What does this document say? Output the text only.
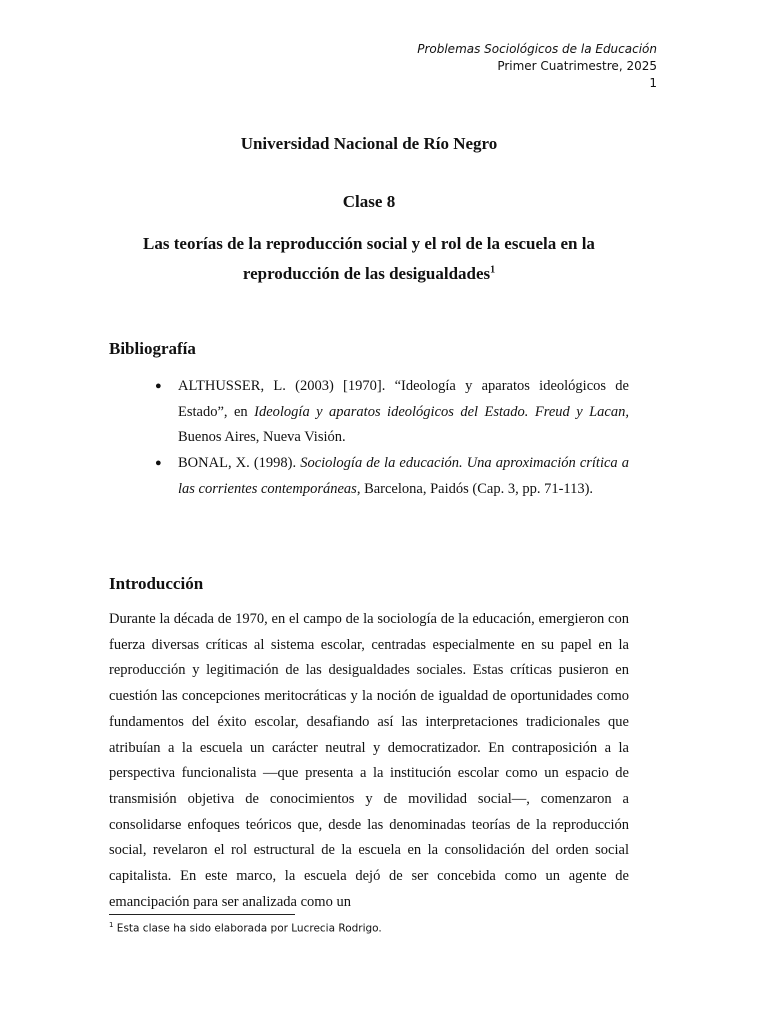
Problemas Sociológicos de la Educación
Primer Cuatrimestre, 2025
1
Universidad Nacional de Río Negro
Clase 8
Las teorías de la reproducción social y el rol de la escuela en la
reproducción de las desigualdades$^1$
Bibliografía
● ALTHUSSER, L. (2003) [1970]. “Ideología y aparatos ideológicos de Estado”, en Ideología y aparatos ideológicos del Estado. Freud y Lacan, Buenos Aires, Nueva Visión.
● BONAL, X. (1998). Sociología de la educación. Una aproximación crítica a las corrientes contemporáneas, Barcelona, Paidós (Cap. 3, pp. 71-113).
Introducción

Durante la década de 1970, en el campo de la sociología de la educación, emergieron con fuerza diversas críticas al sistema escolar, centradas especialmente en su papel en la reproducción y legitimación de las desigualdades sociales. Estas críticas pusieron en cuestión las concepciones meritocráticas y la noción de igualdad de oportunidades como fundamentos del éxito escolar, desafiando así las interpretaciones tradicionales que atribuían a la escuela un carácter neutral y democratizador. En contraposición a la perspectiva funcionalista —que presenta a la institución escolar como un espacio de transmisión objetiva de conocimientos y de movilidad social—, comenzaron a consolidarse enfoques teóricos que, desde las denominadas teorías de la reproducción social, revelaron el rol estructural de la escuela en la consolidación del orden social capitalista. En este marco, la escuela dejó de ser concebida como un agente de emancipación para ser analizada como un

$^1$ Esta clase ha sido elaborada por Lucrecia Rodrigo.
